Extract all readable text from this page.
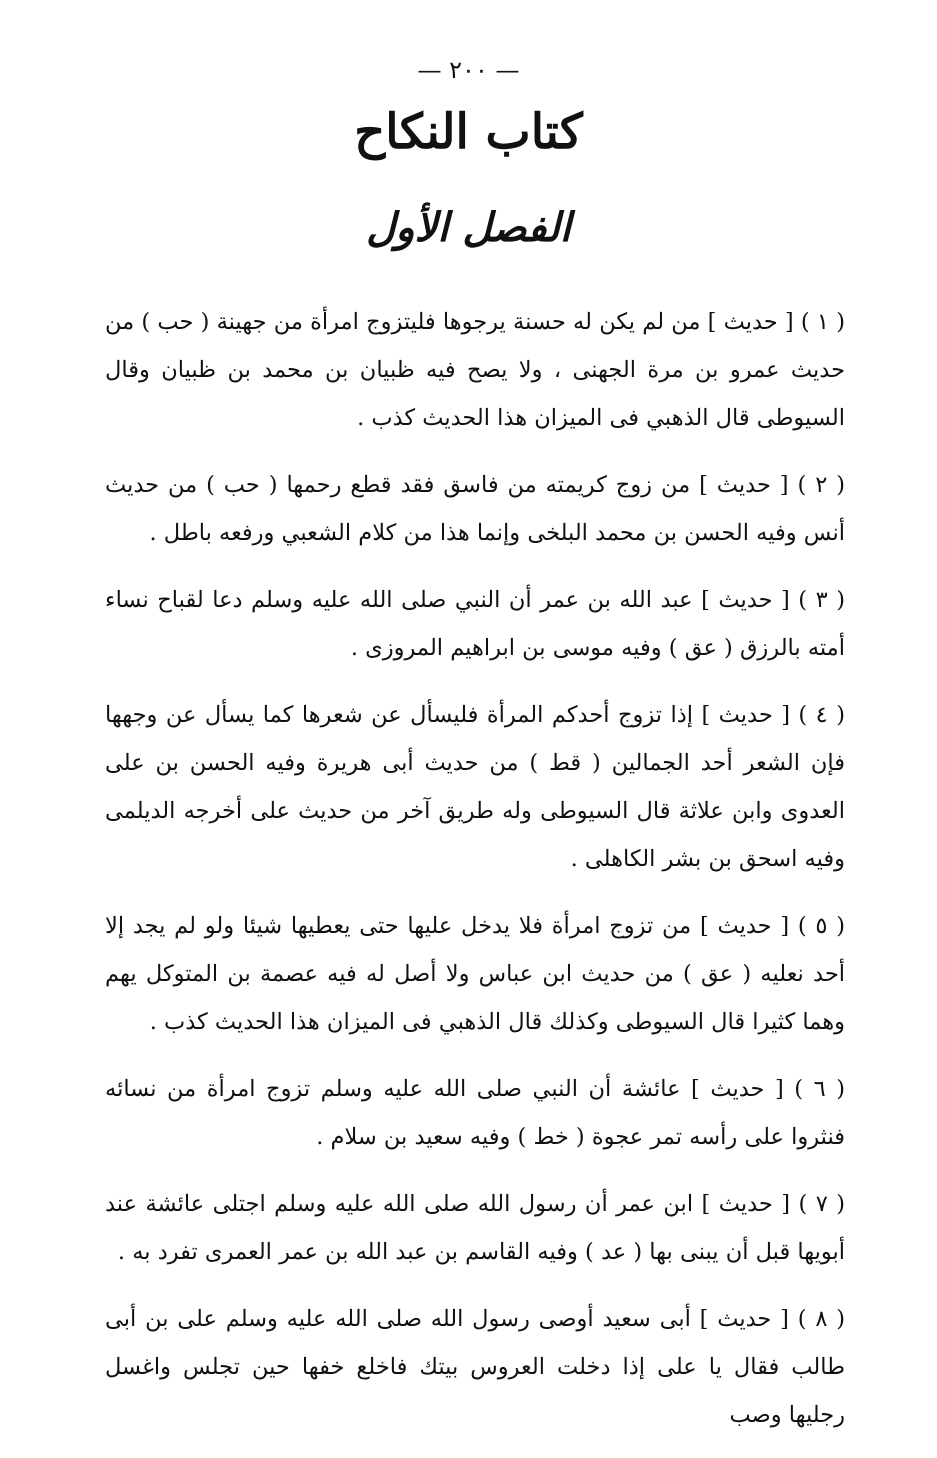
— ٢٠٠ —
كتاب النكاح
الفصل الأول

( ١ ) [ حديث ] من لم يكن له حسنة يرجوها فليتزوج امرأة من جهينة ( حب ) من حديث عمرو بن مرة الجهنى ، ولا يصح فيه ظبيان بن محمد بن ظبيان وقال السيوطى قال الذهبي فى الميزان هذا الحديث كذب .

( ٢ ) [ حديث ] من زوج كريمته من فاسق فقد قطع رحمها ( حب ) من حديث أنس وفيه الحسن بن محمد البلخى وإنما هذا من كلام الشعبي ورفعه باطل .

( ٣ ) [ حديث ] عبد الله بن عمر أن النبي صلى الله عليه وسلم دعا لقباح نساء أمته بالرزق ( عق ) وفيه موسى بن ابراهيم المروزى .

( ٤ ) [ حديث ] إذا تزوج أحدكم المرأة فليسأل عن شعرها كما يسأل عن وجهها فإن الشعر أحد الجمالين ( قط ) من حديث أبى هريرة وفيه الحسن بن على العدوى وابن علاثة قال السيوطى وله طريق آخر من حديث على أخرجه الديلمى وفيه اسحق بن بشر الكاهلى .

( ٥ ) [ حديث ] من تزوج امرأة فلا يدخل عليها حتى يعطيها شيئا ولو لم يجد إلا أحد نعليه ( عق ) من حديث ابن عباس ولا أصل له فيه عصمة بن المتوكل يهم وهما كثيرا قال السيوطى وكذلك قال الذهبي فى الميزان هذا الحديث كذب .

( ٦ ) [ حديث ] عائشة أن النبي صلى الله عليه وسلم تزوج امرأة من نسائه فنثروا على رأسه تمر عجوة ( خط ) وفيه سعيد بن سلام .

( ٧ ) [ حديث ] ابن عمر أن رسول الله صلى الله عليه وسلم اجتلى عائشة عند أبويها قبل أن يبنى بها ( عد ) وفيه القاسم بن عبد الله بن عمر العمرى تفرد به .

( ٨ ) [ حديث ] أبى سعيد أوصى رسول الله صلى الله عليه وسلم على بن أبى طالب فقال يا على إذا دخلت العروس بيتك فاخلع خفها حين تجلس واغسل رجليها وصب
